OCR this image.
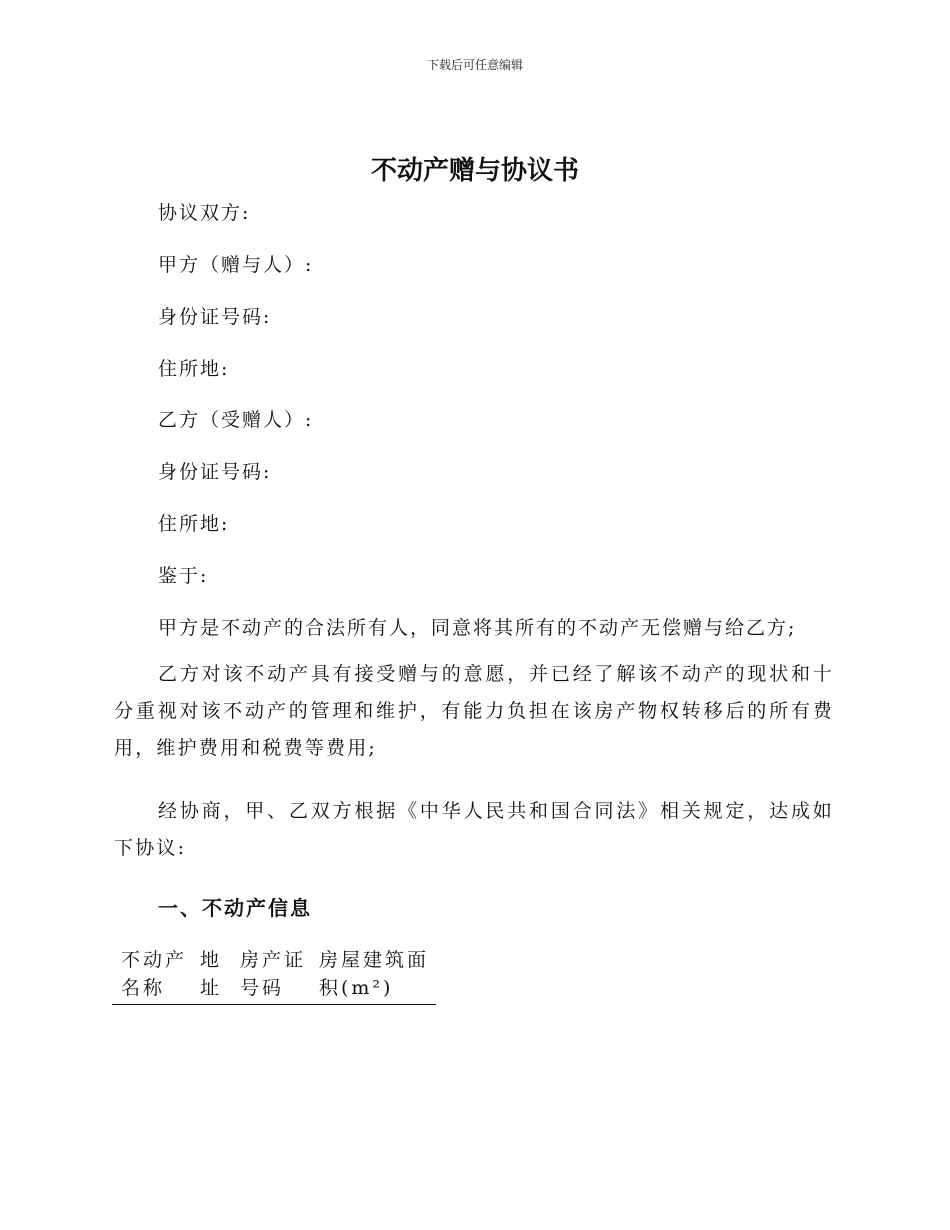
下载后可任意编辑
不动产赠与协议书
协议双方:
甲方（赠与人）:
身份证号码:
住所地:
乙方（受赠人）:
身份证号码:
住所地:
鉴于:
甲方是不动产的合法所有人，同意将其所有的不动产无偿赠与给乙方;
乙方对该不动产具有接受赠与的意愿，并已经了解该不动产的现状和十分重视对该不动产的管理和维护，有能力负担在该房产物权转移后的所有费用，维护费用和税费等费用;
经协商，甲、乙双方根据《中华人民共和国合同法》相关规定，达成如下协议:
一、不动产信息
不动产名称	地址	房产证号码	房屋建筑面积(m²)
